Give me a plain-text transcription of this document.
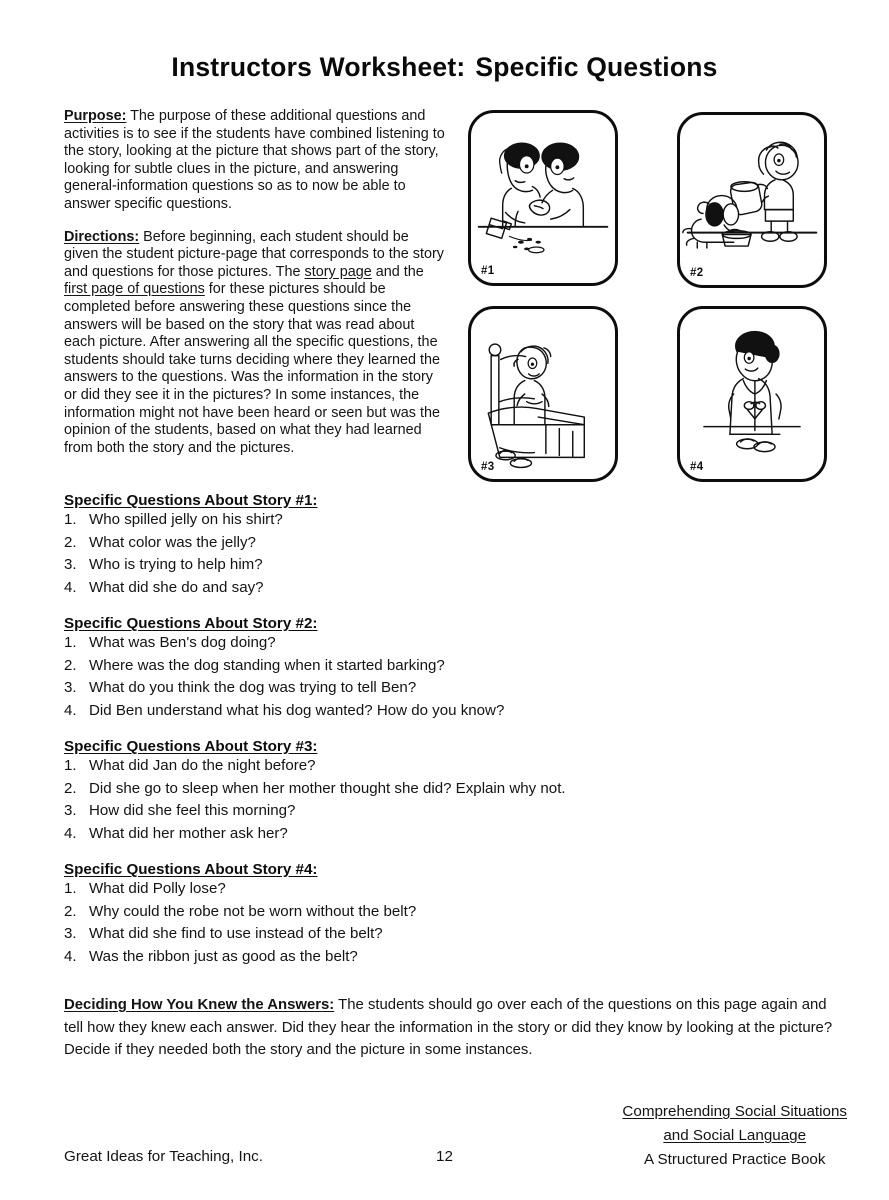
Instructors Worksheet: Specific Questions
Purpose: The purpose of these additional questions and activities is to see if the students have combined listening to the story, looking at the picture that shows part of the story, looking for subtle clues in the picture, and answering general-information questions so as to now be able to answer specific questions.
Directions: Before beginning, each student should be given the student picture-page that corresponds to the story and questions for those pictures. The story page and the first page of questions for these pictures should be completed before answering these questions since the answers will be based on the story that was read about each picture. After answering all the specific questions, the students should take turns deciding where they learned the answers to the questions. Was the information in the story or did they see it in the pictures? In some instances, the information might not have been heard or seen but was the opinion of the students, based on what they had learned from both the story and the pictures.
#1	#2
#3	#4
Specific Questions About Story #1:
1. Who spilled jelly on his shirt?
2. What color was the jelly?
3. Who is trying to help him?
4. What did she do and say?
Specific Questions About Story #2:
1. What was Ben's dog doing?
2. Where was the dog standing when it started barking?
3. What do you think the dog was trying to tell Ben?
4. Did Ben understand what his dog wanted? How do you know?
Specific Questions About Story #3:
1. What did Jan do the night before?
2. Did she go to sleep when her mother thought she did? Explain why not.
3. How did she feel this morning?
4. What did her mother ask her?
Specific Questions About Story #4:
1. What did Polly lose?
2. Why could the robe not be worn without the belt?
3. What did she find to use instead of the belt?
4. Was the ribbon just as good as the belt?
Deciding How You Knew the Answers: The students should go over each of the questions on this page again and tell how they knew each answer. Did they hear the information in the story or did they know by looking at the picture? Decide if they needed both the story and the picture in some instances.
Great Ideas for Teaching, Inc.	12
Comprehending Social Situations
and Social Language
A Structured Practice Book
